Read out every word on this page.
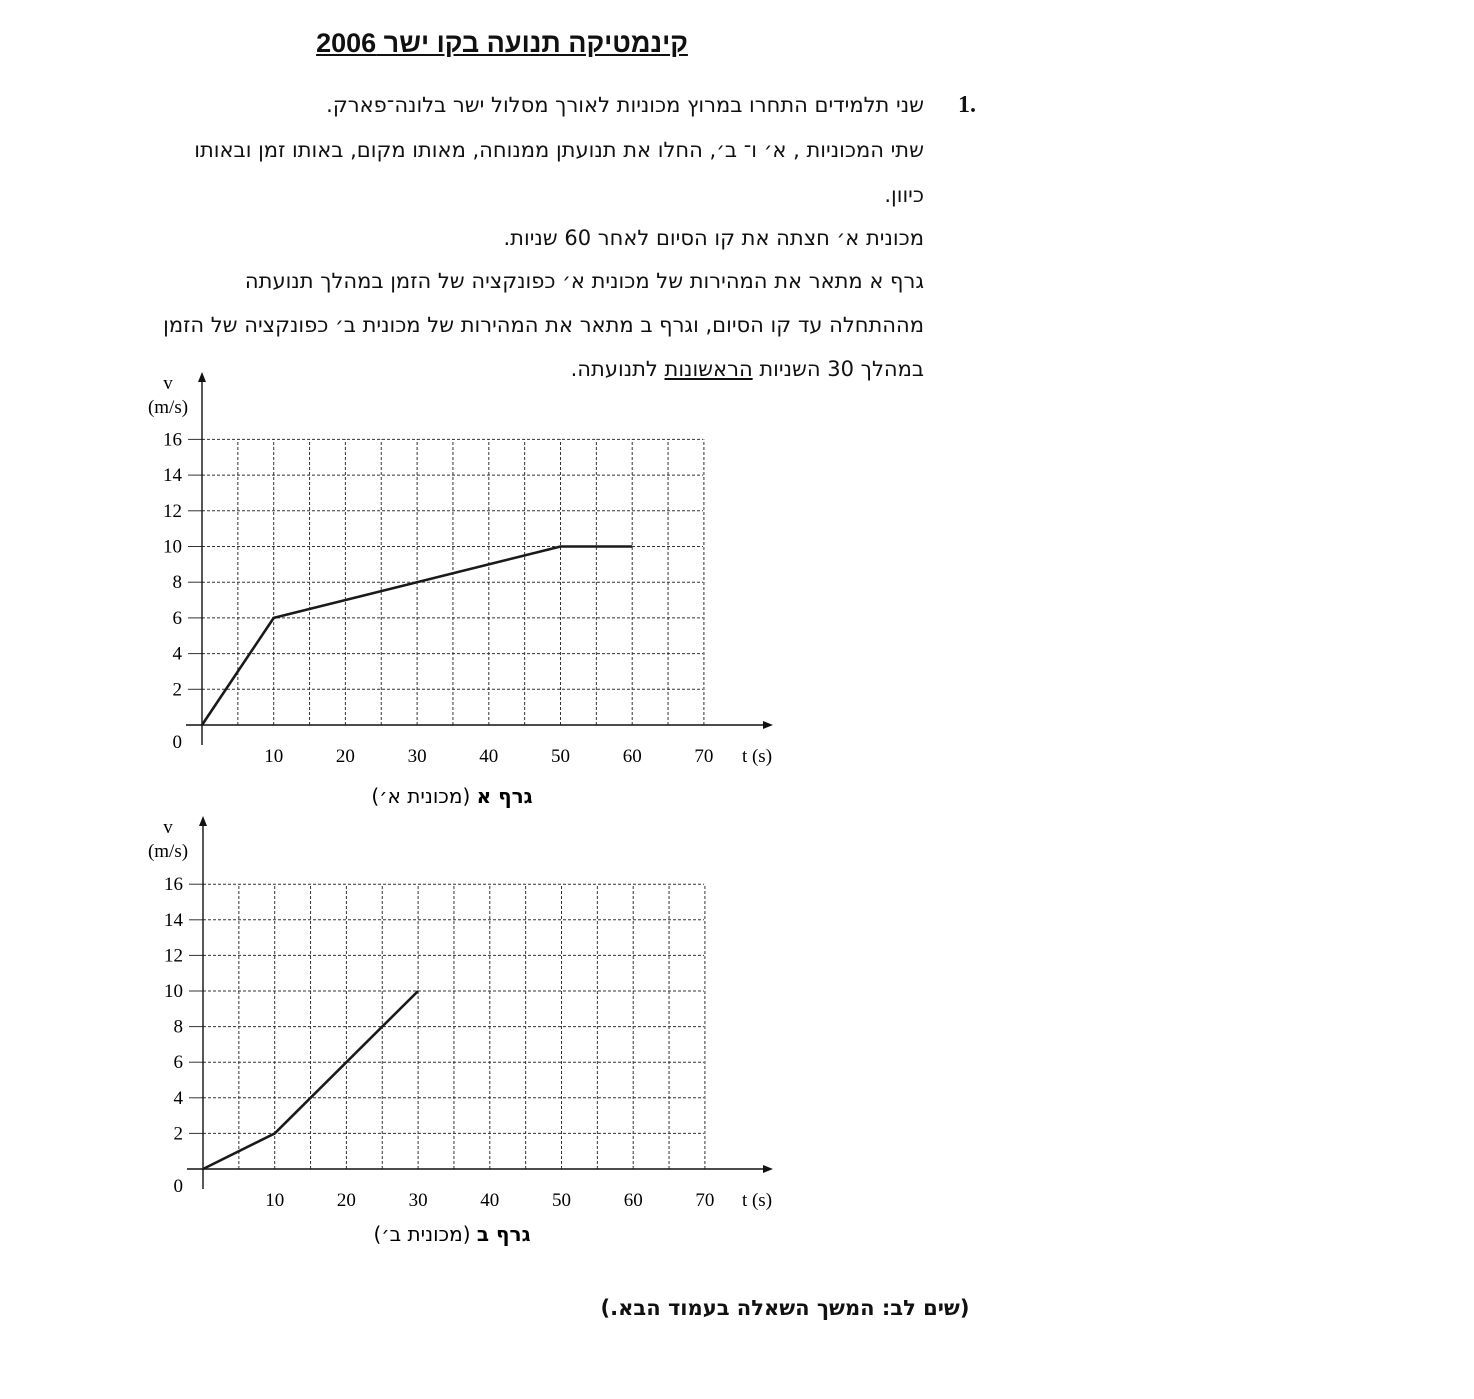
קינמטיקה תנועה בקו ישר 2006
1.
שני תלמידים התחרו במרוץ מכוניות לאורך מסלול ישר בלונה־פארק.
שתי המכוניות , א׳ ו־ ב׳, החלו את תנועתן ממנוחה, מאותו מקום, באותו זמן ובאותו
כיוון.
מכונית א׳ חצתה את קו הסיום לאחר 60 שניות.
גרף א מתאר את המהירות של מכונית א׳ כפונקציה של הזמן במהלך תנועתה
מההתחלה עד קו הסיום, וגרף ב מתאר את המהירות של מכונית ב׳ כפונקציה של הזמן
במהלך 30 השניות הראשונות לתנועתה.
10	20	30	40	50	60	70
2
4
6
8
10
12
14
16
0
v
(m/s)
t (s)
גרף א (מכונית א׳)
10	20	30	40	50	60	70
2
4
6
8
10
12
14
16
0
v
(m/s)
t (s)
גרף ב (מכונית ב׳)
(שים לב: המשך השאלה בעמוד הבא.)
